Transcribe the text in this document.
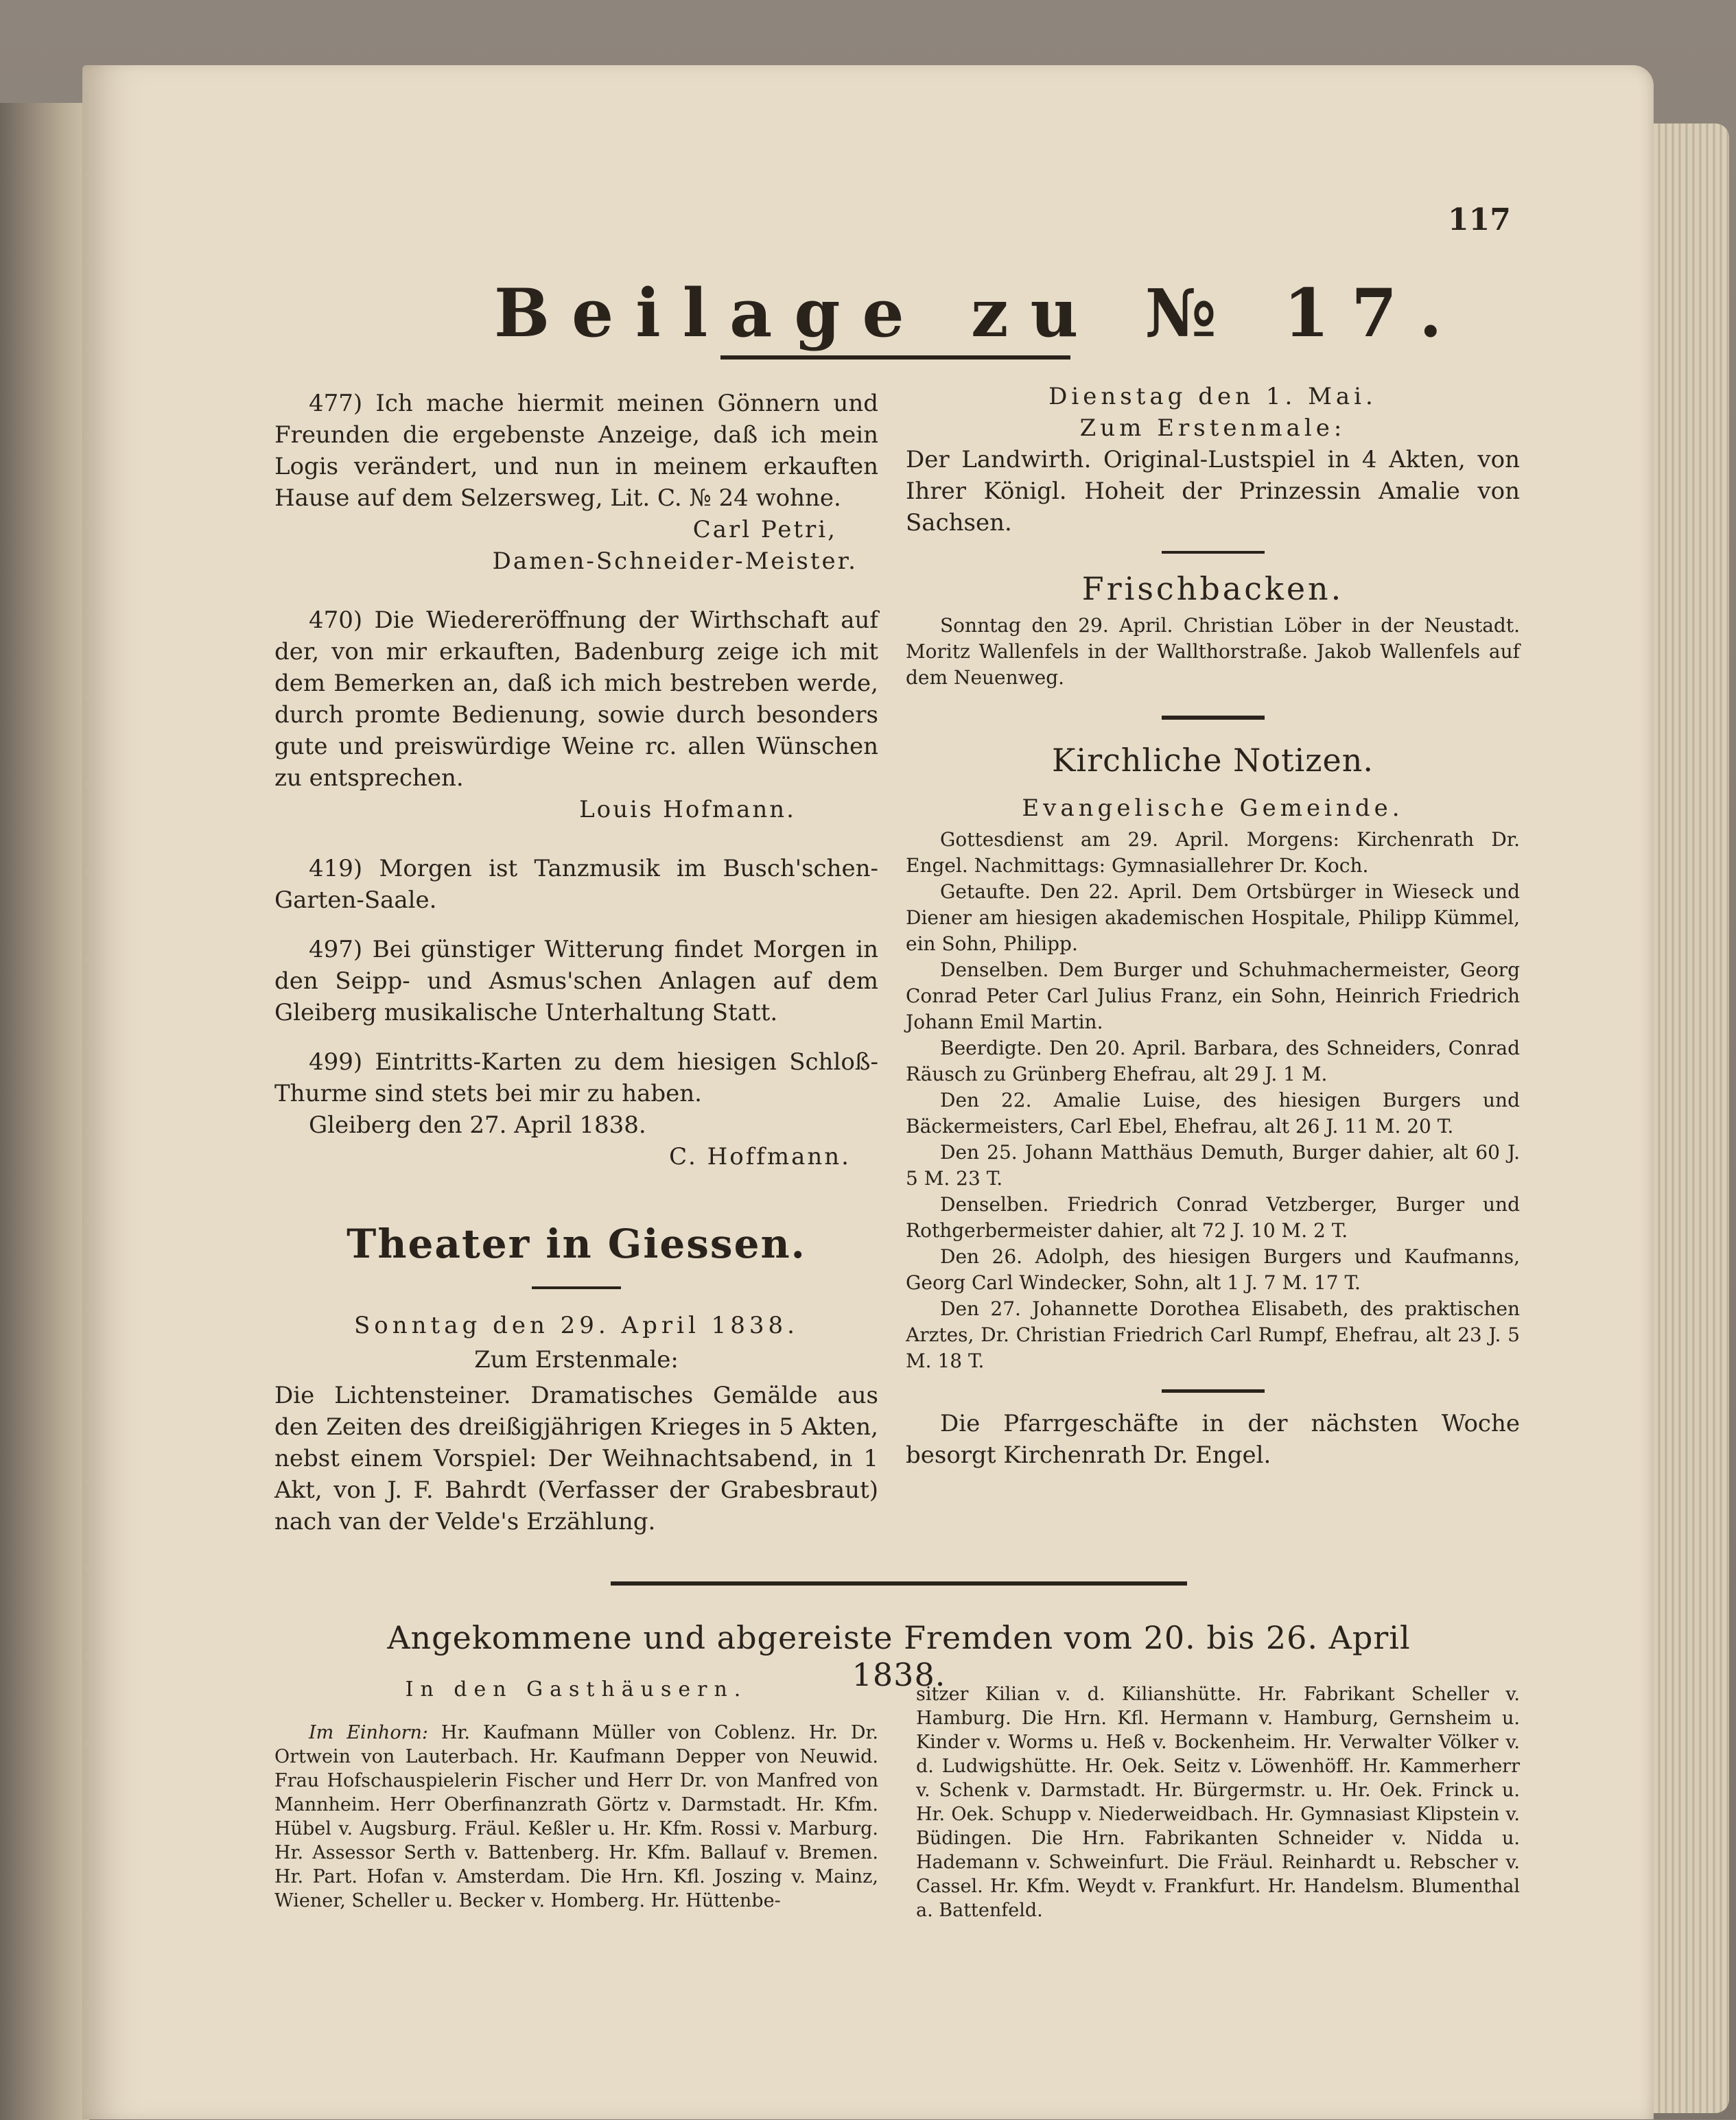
117
Beilage zu № 17.

477) Ich mache hiermit meinen Gönnern und Freunden die ergebenste Anzeige, daß ich mein Logis verändert, und nun in meinem erkauften Hause auf dem Selzersweg, Lit. C. № 24 wohne.

Carl Petri,

Damen-Schneider-Meister.

470) Die Wiedereröffnung der Wirthschaft auf der, von mir erkauften, Badenburg zeige ich mit dem Bemerken an, daß ich mich bestreben werde, durch promte Bedienung, sowie durch besonders gute und preiswürdige Weine rc. allen Wünschen zu entsprechen.

Louis Hofmann.

419) Morgen ist Tanzmusik im Busch'schen-Garten-Saale.

497) Bei günstiger Witterung findet Morgen in den Seipp- und Asmus'schen Anlagen auf dem Gleiberg musikalische Unterhaltung Statt.

499) Eintritts-Karten zu dem hiesigen Schloß-Thurme sind stets bei mir zu haben.

Gleiberg den 27. April 1838.

C. Hoffmann.

Theater in Giessen.
Sonntag den 29. April 1838.
Zum Erstenmale:

Die Lichtensteiner. Dramatisches Gemälde aus den Zeiten des dreißigjährigen Krieges in 5 Akten, nebst einem Vorspiel: Der Weihnachtsabend, in 1 Akt, von J. F. Bahrdt (Verfasser der Grabesbraut) nach van der Velde's Erzählung.

Dienstag den 1. Mai.
Zum Erstenmale:

Der Landwirth. Original-Lustspiel in 4 Akten, von Ihrer Königl. Hoheit der Prinzessin Amalie von Sachsen.

Frischbacken.

Sonntag den 29. April. Christian Löber in der Neustadt. Moritz Wallenfels in der Wallthorstraße. Jakob Wallenfels auf dem Neuenweg.

Kirchliche Notizen.
Evangelische Gemeinde.

Gottesdienst am 29. April. Morgens: Kirchenrath Dr. Engel. Nachmittags: Gymnasiallehrer Dr. Koch.

Getaufte. Den 22. April. Dem Ortsbürger in Wieseck und Diener am hiesigen akademischen Hospitale, Philipp Kümmel, ein Sohn, Philipp.

Denselben. Dem Burger und Schuhmachermeister, Georg Conrad Peter Carl Julius Franz, ein Sohn, Heinrich Friedrich Johann Emil Martin.

Beerdigte. Den 20. April. Barbara, des Schneiders, Conrad Räusch zu Grünberg Ehefrau, alt 29 J. 1 M.

Den 22. Amalie Luise, des hiesigen Burgers und Bäckermeisters, Carl Ebel, Ehefrau, alt 26 J. 11 M. 20 T.

Den 25. Johann Matthäus Demuth, Burger dahier, alt 60 J. 5 M. 23 T.

Denselben. Friedrich Conrad Vetzberger, Burger und Rothgerbermeister dahier, alt 72 J. 10 M. 2 T.

Den 26. Adolph, des hiesigen Burgers und Kaufmanns, Georg Carl Windecker, Sohn, alt 1 J. 7 M. 17 T.

Den 27. Johannette Dorothea Elisabeth, des praktischen Arztes, Dr. Christian Friedrich Carl Rumpf, Ehefrau, alt 23 J. 5 M. 18 T.

Die Pfarrgeschäfte in der nächsten Woche besorgt Kirchenrath Dr. Engel.

Angekommene und abgereiste Fremden vom 20. bis 26. April 1838.
In den Gasthäusern.

Im Einhorn: Hr. Kaufmann Müller von Coblenz. Hr. Dr. Ortwein von Lauterbach. Hr. Kaufmann Depper von Neuwid. Frau Hofschauspielerin Fischer und Herr Dr. von Manfred von Mannheim. Herr Oberfinanzrath Görtz v. Darmstadt. Hr. Kfm. Hübel v. Augsburg. Fräul. Keßler u. Hr. Kfm. Rossi v. Marburg. Hr. Assessor Serth v. Battenberg. Hr. Kfm. Ballauf v. Bremen. Hr. Part. Hofan v. Amsterdam. Die Hrn. Kfl. Joszing v. Mainz, Wiener, Scheller u. Becker v. Homberg. Hr. Hüttenbe-

sitzer Kilian v. d. Kilianshütte. Hr. Fabrikant Scheller v. Hamburg. Die Hrn. Kfl. Hermann v. Hamburg, Gernsheim u. Kinder v. Worms u. Heß v. Bockenheim. Hr. Verwalter Völker v. d. Ludwigshütte. Hr. Oek. Seitz v. Löwenhöff. Hr. Kammerherr v. Schenk v. Darmstadt. Hr. Bürgermstr. u. Hr. Oek. Frinck u. Hr. Oek. Schupp v. Niederweidbach. Hr. Gymnasiast Klipstein v. Büdingen. Die Hrn. Fabrikanten Schneider v. Nidda u. Hademann v. Schweinfurt. Die Fräul. Reinhardt u. Rebscher v. Cassel. Hr. Kfm. Weydt v. Frankfurt. Hr. Handelsm. Blumenthal a. Battenfeld.
